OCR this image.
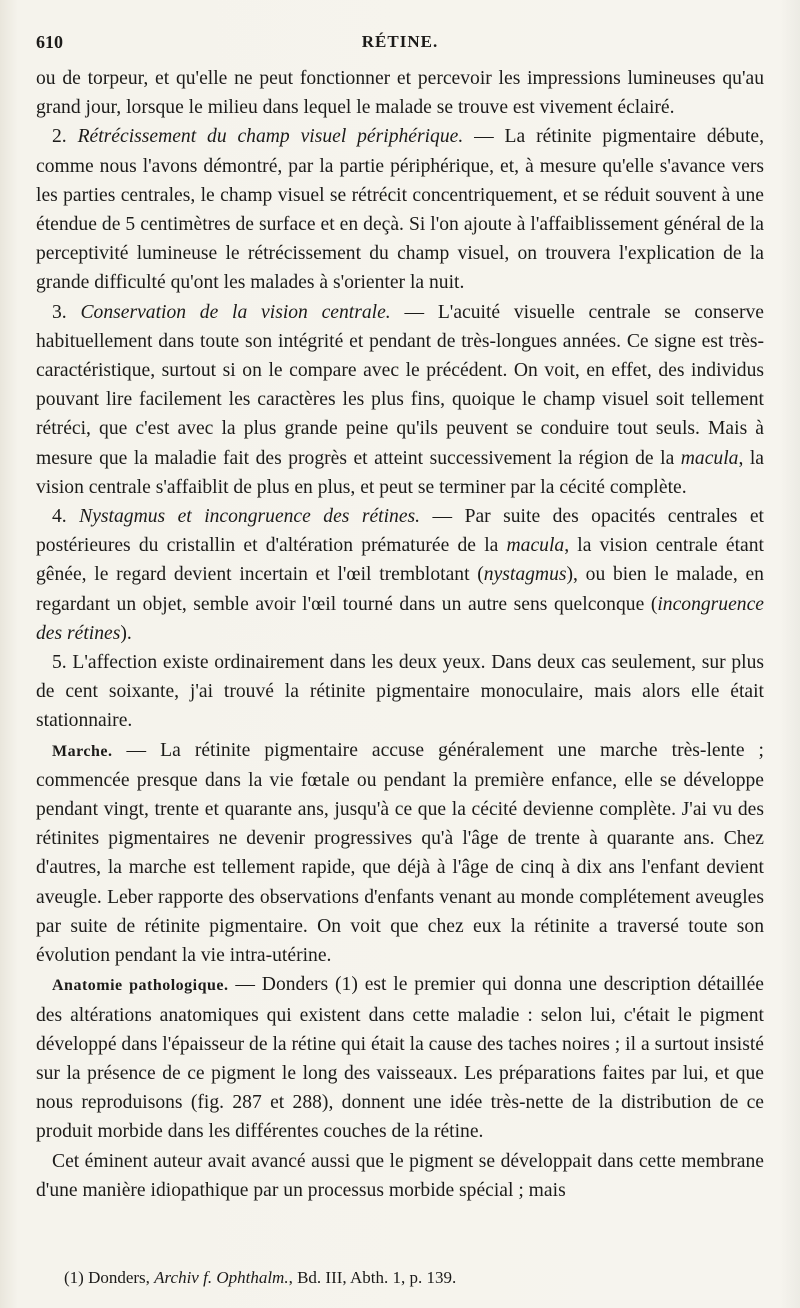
610	RÉTINE.

ou de torpeur, et qu'elle ne peut fonctionner et percevoir les impressions lumineuses qu'au grand jour, lorsque le milieu dans lequel le malade se trouve est vivement éclairé.

2. Rétrécissement du champ visuel périphérique. — La rétinite pigmentaire débute, comme nous l'avons démontré, par la partie périphérique, et, à mesure qu'elle s'avance vers les parties centrales, le champ visuel se rétrécit concentriquement, et se réduit souvent à une étendue de 5 centimètres de surface et en deçà. Si l'on ajoute à l'affaiblissement général de la perceptivité lumineuse le rétrécissement du champ visuel, on trouvera l'explication de la grande difficulté qu'ont les malades à s'orienter la nuit.

3. Conservation de la vision centrale. — L'acuité visuelle centrale se conserve habituellement dans toute son intégrité et pendant de très-longues années. Ce signe est très-caractéristique, surtout si on le compare avec le précédent. On voit, en effet, des individus pouvant lire facilement les caractères les plus fins, quoique le champ visuel soit tellement rétréci, que c'est avec la plus grande peine qu'ils peuvent se conduire tout seuls. Mais à mesure que la maladie fait des progrès et atteint successivement la région de la macula, la vision centrale s'affaiblit de plus en plus, et peut se terminer par la cécité complète.

4. Nystagmus et incongruence des rétines. — Par suite des opacités centrales et postérieures du cristallin et d'altération prématurée de la macula, la vision centrale étant gênée, le regard devient incertain et l'œil tremblotant (nystagmus), ou bien le malade, en regardant un objet, semble avoir l'œil tourné dans un autre sens quelconque (incongruence des rétines).

5. L'affection existe ordinairement dans les deux yeux. Dans deux cas seulement, sur plus de cent soixante, j'ai trouvé la rétinite pigmentaire monoculaire, mais alors elle était stationnaire.

Marche. — La rétinite pigmentaire accuse généralement une marche très-lente ; commencée presque dans la vie fœtale ou pendant la première enfance, elle se développe pendant vingt, trente et quarante ans, jusqu'à ce que la cécité devienne complète. J'ai vu des rétinites pigmentaires ne devenir progressives qu'à l'âge de trente à quarante ans. Chez d'autres, la marche est tellement rapide, que déjà à l'âge de cinq à dix ans l'enfant devient aveugle. Leber rapporte des observations d'enfants venant au monde complétement aveugles par suite de rétinite pigmentaire. On voit que chez eux la rétinite a traversé toute son évolution pendant la vie intra-utérine.

Anatomie pathologique. — Donders (1) est le premier qui donna une description détaillée des altérations anatomiques qui existent dans cette maladie : selon lui, c'était le pigment développé dans l'épaisseur de la rétine qui était la cause des taches noires ; il a surtout insisté sur la présence de ce pigment le long des vaisseaux. Les préparations faites par lui, et que nous reproduisons (fig. 287 et 288), donnent une idée très-nette de la distribution de ce produit morbide dans les différentes couches de la rétine.

Cet éminent auteur avait avancé aussi que le pigment se développait dans cette membrane d'une manière idiopathique par un processus morbide spécial ; mais

(1) Donders, Archiv f. Ophthalm., Bd. III, Abth. 1, p. 139.
